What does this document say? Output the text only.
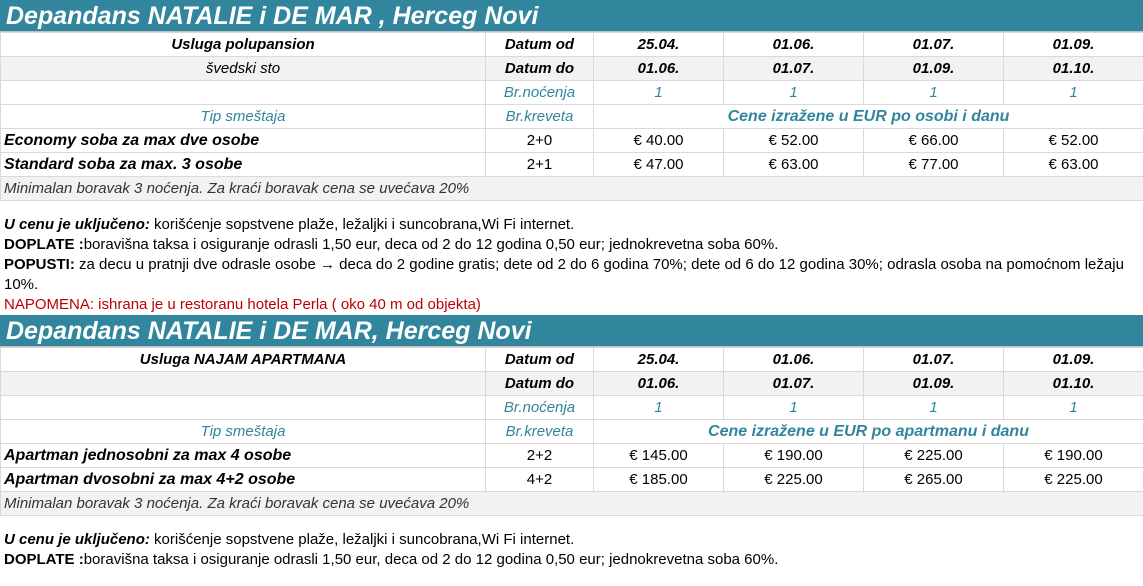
Depandans NATALIE i DE MAR , Herceg Novi
Usluga polupansion	Datum od	25.04.	01.06.	01.07.	01.09.
švedski sto	Datum do	01.06.	01.07.	01.09.	01.10.
	Br.noćenja	1	1	1	1
Tip smeštaja	Br.kreveta	Cene izražene u EUR po osobi i danu			
Economy soba za max dve osobe	2+0	€ 40.00	€ 52.00	€ 66.00	€ 52.00
Standard soba za max. 3 osobe	2+1	€ 47.00	€ 63.00	€ 77.00	€ 63.00
Minimalan boravak 3 noćenja. Za kraći boravak cena se uvećava 20%					
U cenu je uključeno: korišćenje sopstvene plaže, ležaljki i suncobrana,Wi Fi internet.
DOPLATE :boravišna taksa i osiguranje odrasli 1,50 eur, deca od 2 do 12 godina 0,50 eur; jednokrevetna soba 60%.
POPUSTI: za decu u pratnji dve odrasle osobe → deca do 2 godine gratis; dete od 2 do 6 godina 70%; dete od 6 do 12 godina 30%; odrasla osoba na pomoćnom ležaju 10%.
NAPOMENA: ishrana je u restoranu hotela Perla ( oko 40 m od objekta)
Depandans NATALIE i DE MAR, Herceg Novi
Usluga NAJAM APARTMANA	Datum od	25.04.	01.06.	01.07.	01.09.
	Datum do	01.06.	01.07.	01.09.	01.10.
	Br.noćenja	1	1	1	1
Tip smeštaja	Br.kreveta	Cene izražene u EUR po apartmanu i danu			
Apartman jednosobni za max 4 osobe	2+2	€ 145.00	€ 190.00	€ 225.00	€ 190.00
Apartman dvosobni za max 4+2 osobe	4+2	€ 185.00	€ 225.00	€ 265.00	€ 225.00
Minimalan boravak 3 noćenja. Za kraći boravak cena se uvećava 20%					
U cenu je uključeno: korišćenje sopstvene plaže, ležaljki i suncobrana,Wi Fi internet.
DOPLATE :boravišna taksa i osiguranje odrasli 1,50 eur, deca od 2 do 12 godina 0,50 eur; jednokrevetna soba 60%.
